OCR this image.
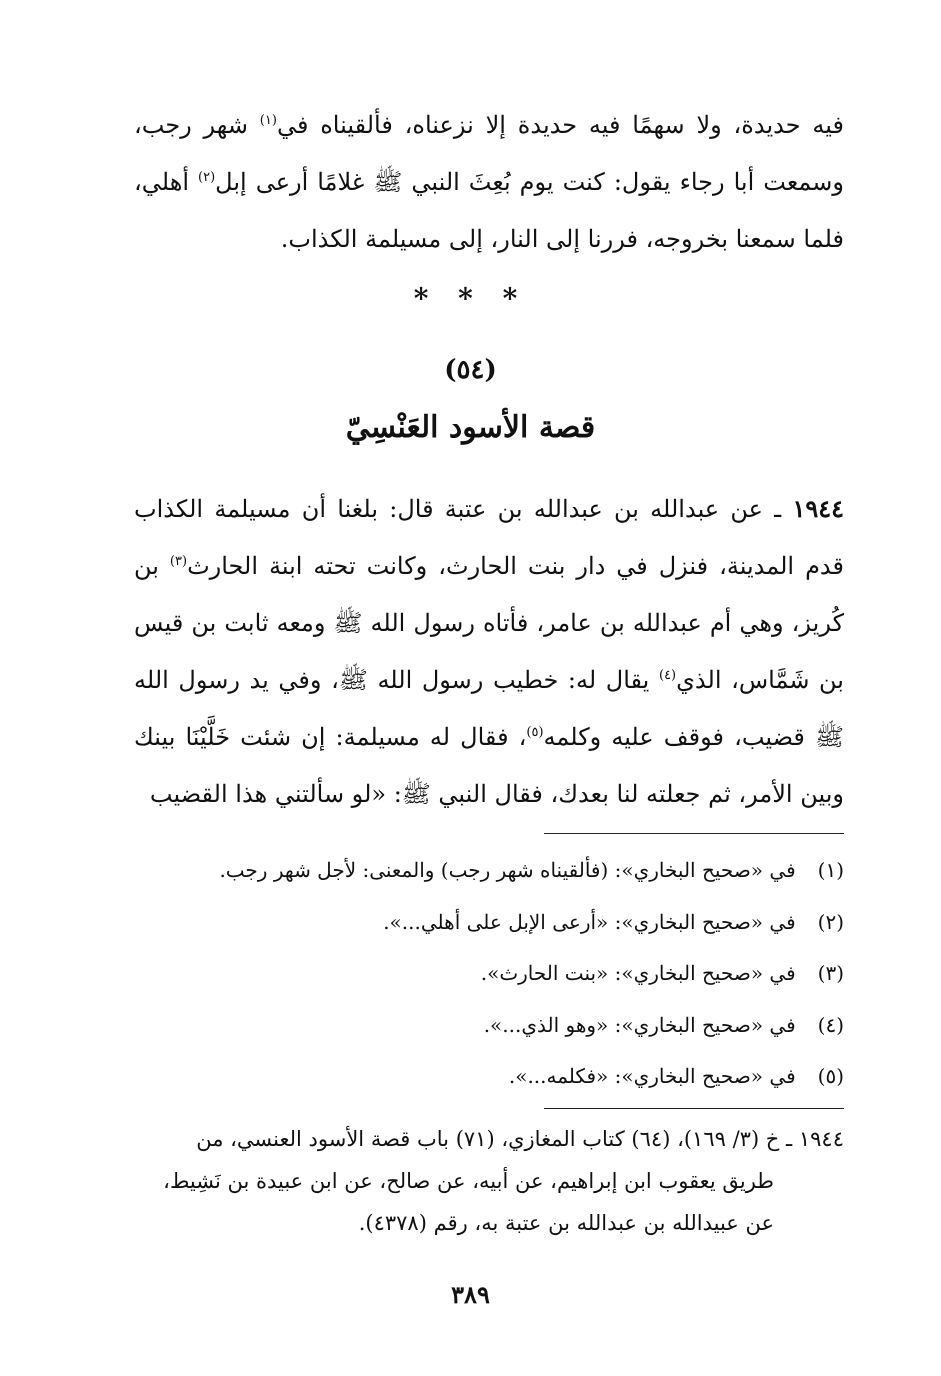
فيه حديدة، ولا سهمًا فيه حديدة إلا نزعناه، فألقيناه في$^{(١)}$ شهر رجب، وسمعت أبا رجاء يقول: كنت يوم بُعِثَ النبي ﷺ غلامًا أرعى إبل$^{(٢)}$ أهلي، فلما سمعنا بخروجه، فررنا إلى النار، إلى مسيلمة الكذاب.

* * *
(٥٤)
قصة الأسود العَنْسِيّ

١٩٤٤ ـ عن عبدالله بن عبدالله بن عتبة قال: بلغنا أن مسيلمة الكذاب قدم المدينة، فنزل في دار بنت الحارث، وكانت تحته ابنة الحارث$^{(٣)}$ بن كُريز، وهي أم عبدالله بن عامر، فأتاه رسول الله ﷺ ومعه ثابت بن قيس بن شَمَّاس، الذي$^{(٤)}$ يقال له: خطيب رسول الله ﷺ، وفي يد رسول الله ﷺ قضيب، فوقف عليه وكلمه$^{(٥)}$، فقال له مسيلمة: إن شئت خَلَّيْنَا بينك وبين الأمر، ثم جعلته لنا بعدك، فقال النبي ﷺ: «لو سألتني هذا القضيب

(١) في «صحيح البخاري»: (فألقيناه شهر رجب) والمعنى: لأجل شهر رجب.
(٢) في «صحيح البخاري»: «أرعى الإبل على أهلي...».
(٣) في «صحيح البخاري»: «بنت الحارث».
(٤) في «صحيح البخاري»: «وهو الذي...».
(٥) في «صحيح البخاري»: «فكلمه...».
١٩٤٤ ـ خ (٣/ ١٦٩)، (٦٤) كتاب المغازي، (٧١) باب قصة الأسود العنسي، من
طريق يعقوب ابن إبراهيم، عن أبيه، عن صالح، عن ابن عبيدة بن نَشِيط،
عن عبيدالله بن عبدالله بن عتبة به، رقم (٤٣٧٨).
٣٨٩
